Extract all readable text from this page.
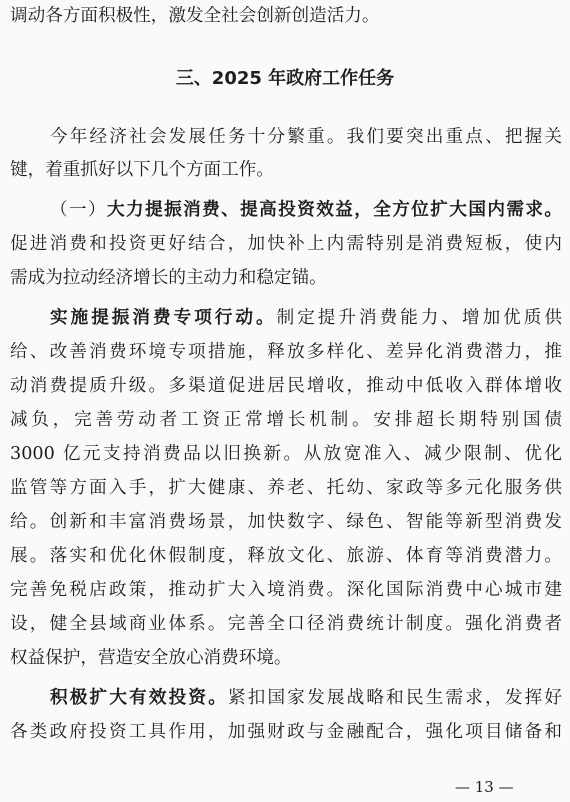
调动各方面积极性，激发全社会创新创造活力。
三、2025 年政府工作任务
今年经济社会发展任务十分繁重。我们要突出重点、把握关
键，着重抓好以下几个方面工作。
（一）大力提振消费、提高投资效益，全方位扩大国内需求。
促进消费和投资更好结合，加快补上内需特别是消费短板，使内
需成为拉动经济增长的主动力和稳定锚。
实施提振消费专项行动。制定提升消费能力、增加优质供
给、改善消费环境专项措施，释放多样化、差异化消费潜力，推
动消费提质升级。多渠道促进居民增收，推动中低收入群体增收
减负，完善劳动者工资正常增长机制。安排超长期特别国债
3000 亿元支持消费品以旧换新。从放宽准入、减少限制、优化
监管等方面入手，扩大健康、养老、托幼、家政等多元化服务供
给。创新和丰富消费场景，加快数字、绿色、智能等新型消费发
展。落实和优化休假制度，释放文化、旅游、体育等消费潜力。
完善免税店政策，推动扩大入境消费。深化国际消费中心城市建
设，健全县域商业体系。完善全口径消费统计制度。强化消费者
权益保护，营造安全放心消费环境。
积极扩大有效投资。紧扣国家发展战略和民生需求，发挥好
各类政府投资工具作用，加强财政与金融配合，强化项目储备和
— 13 —
